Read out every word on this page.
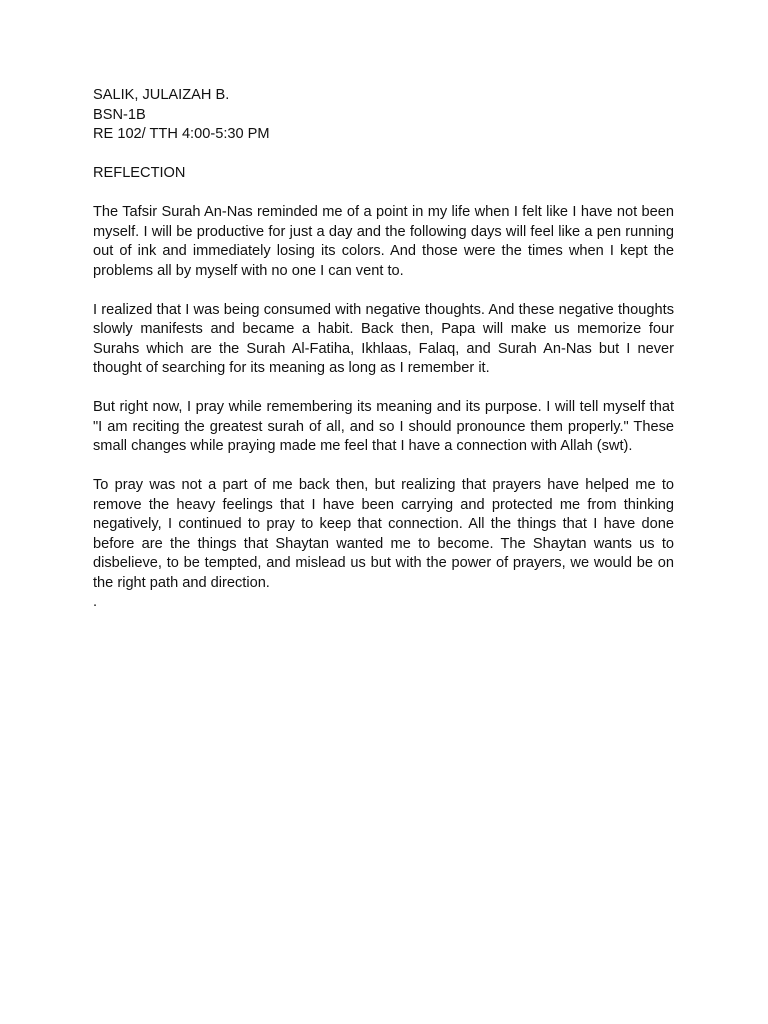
SALIK, JULAIZAH B.

BSN-1B

RE 102/ TTH 4:00-5:30 PM

REFLECTION

The Tafsir Surah An-Nas reminded me of a point in my life when I felt like I have not been myself. I will be productive for just a day and the following days will feel like a pen running out of ink and immediately losing its colors. And those were the times when I kept the problems all by myself with no one I can vent to.

I realized that I was being consumed with negative thoughts. And these negative thoughts slowly manifests and became a habit. Back then, Papa will make us memorize four Surahs which are the Surah Al-Fatiha, Ikhlaas, Falaq, and Surah An-Nas but I never thought of searching for its meaning as long as I remember it.

But right now, I pray while remembering its meaning and its purpose. I will tell myself that "I am reciting the greatest surah of all, and so I should pronounce them properly." These small changes while praying made me feel that I have a connection with Allah (swt).

To pray was not a part of me back then, but realizing that prayers have helped me to remove the heavy feelings that I have been carrying and protected me from thinking negatively, I continued to pray to keep that connection. All the things that I have done before are the things that Shaytan wanted me to become. The Shaytan wants us to disbelieve, to be tempted, and mislead us but with the power of prayers, we would be on the right path and direction.

.
